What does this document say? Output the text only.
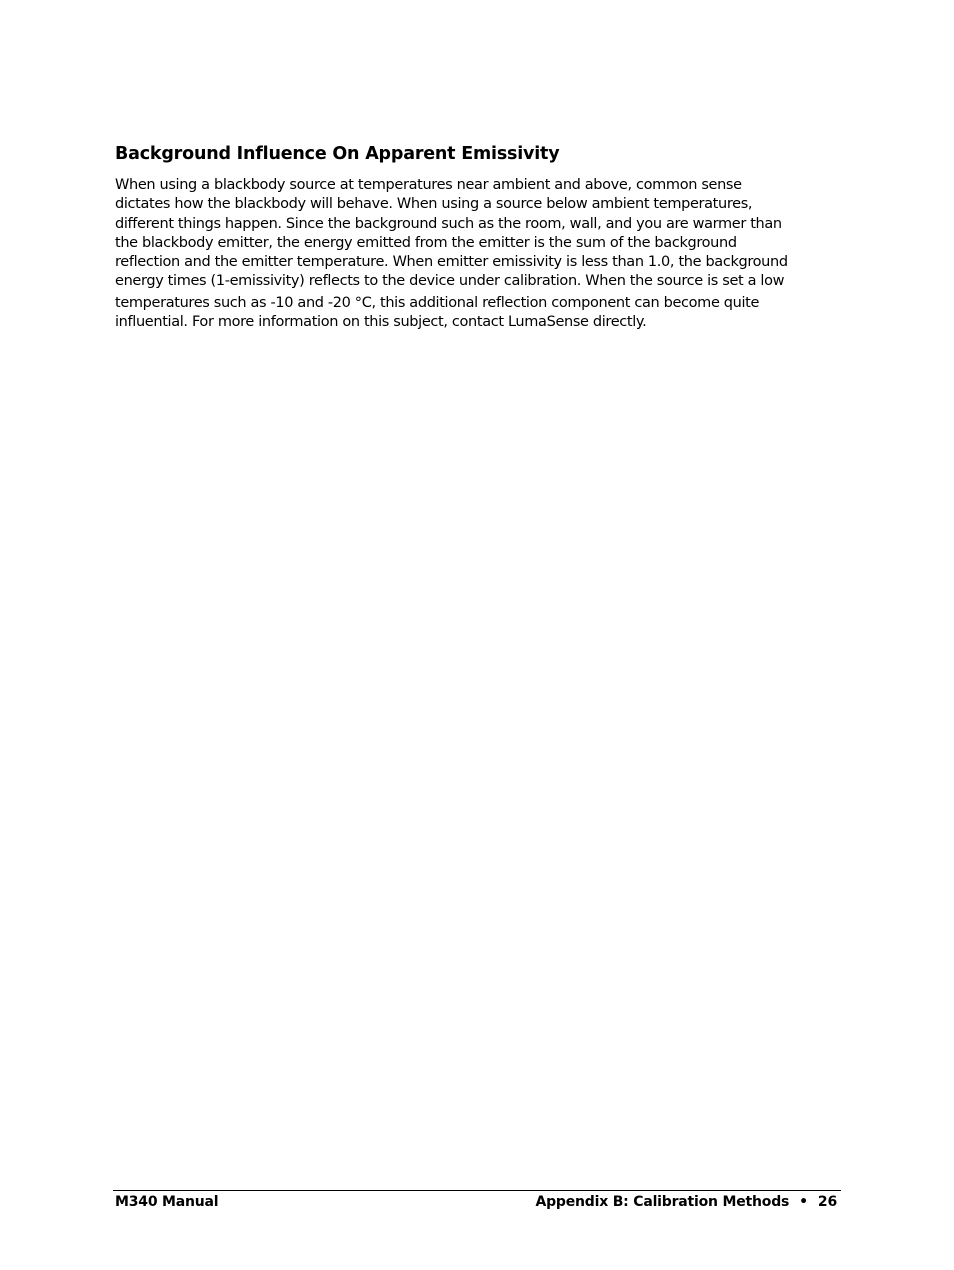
Background Influence On Apparent Emissivity

When using a blackbody source at temperatures near ambient and above, common sense
dictates how the blackbody will behave. When using a source below ambient temperatures,
different things happen. Since the background such as the room, wall, and you are warmer than
the blackbody emitter, the energy emitted from the emitter is the sum of the background
reflection and the emitter temperature. When emitter emissivity is less than 1.0, the background
energy times (1-emissivity) reflects to the device under calibration. When the source is set a low
temperatures such as -10 and -20 °C, this additional reflection component can become quite
influential. For more information on this subject, contact LumaSense directly.

M340 Manual	Appendix B: Calibration Methods • 26
